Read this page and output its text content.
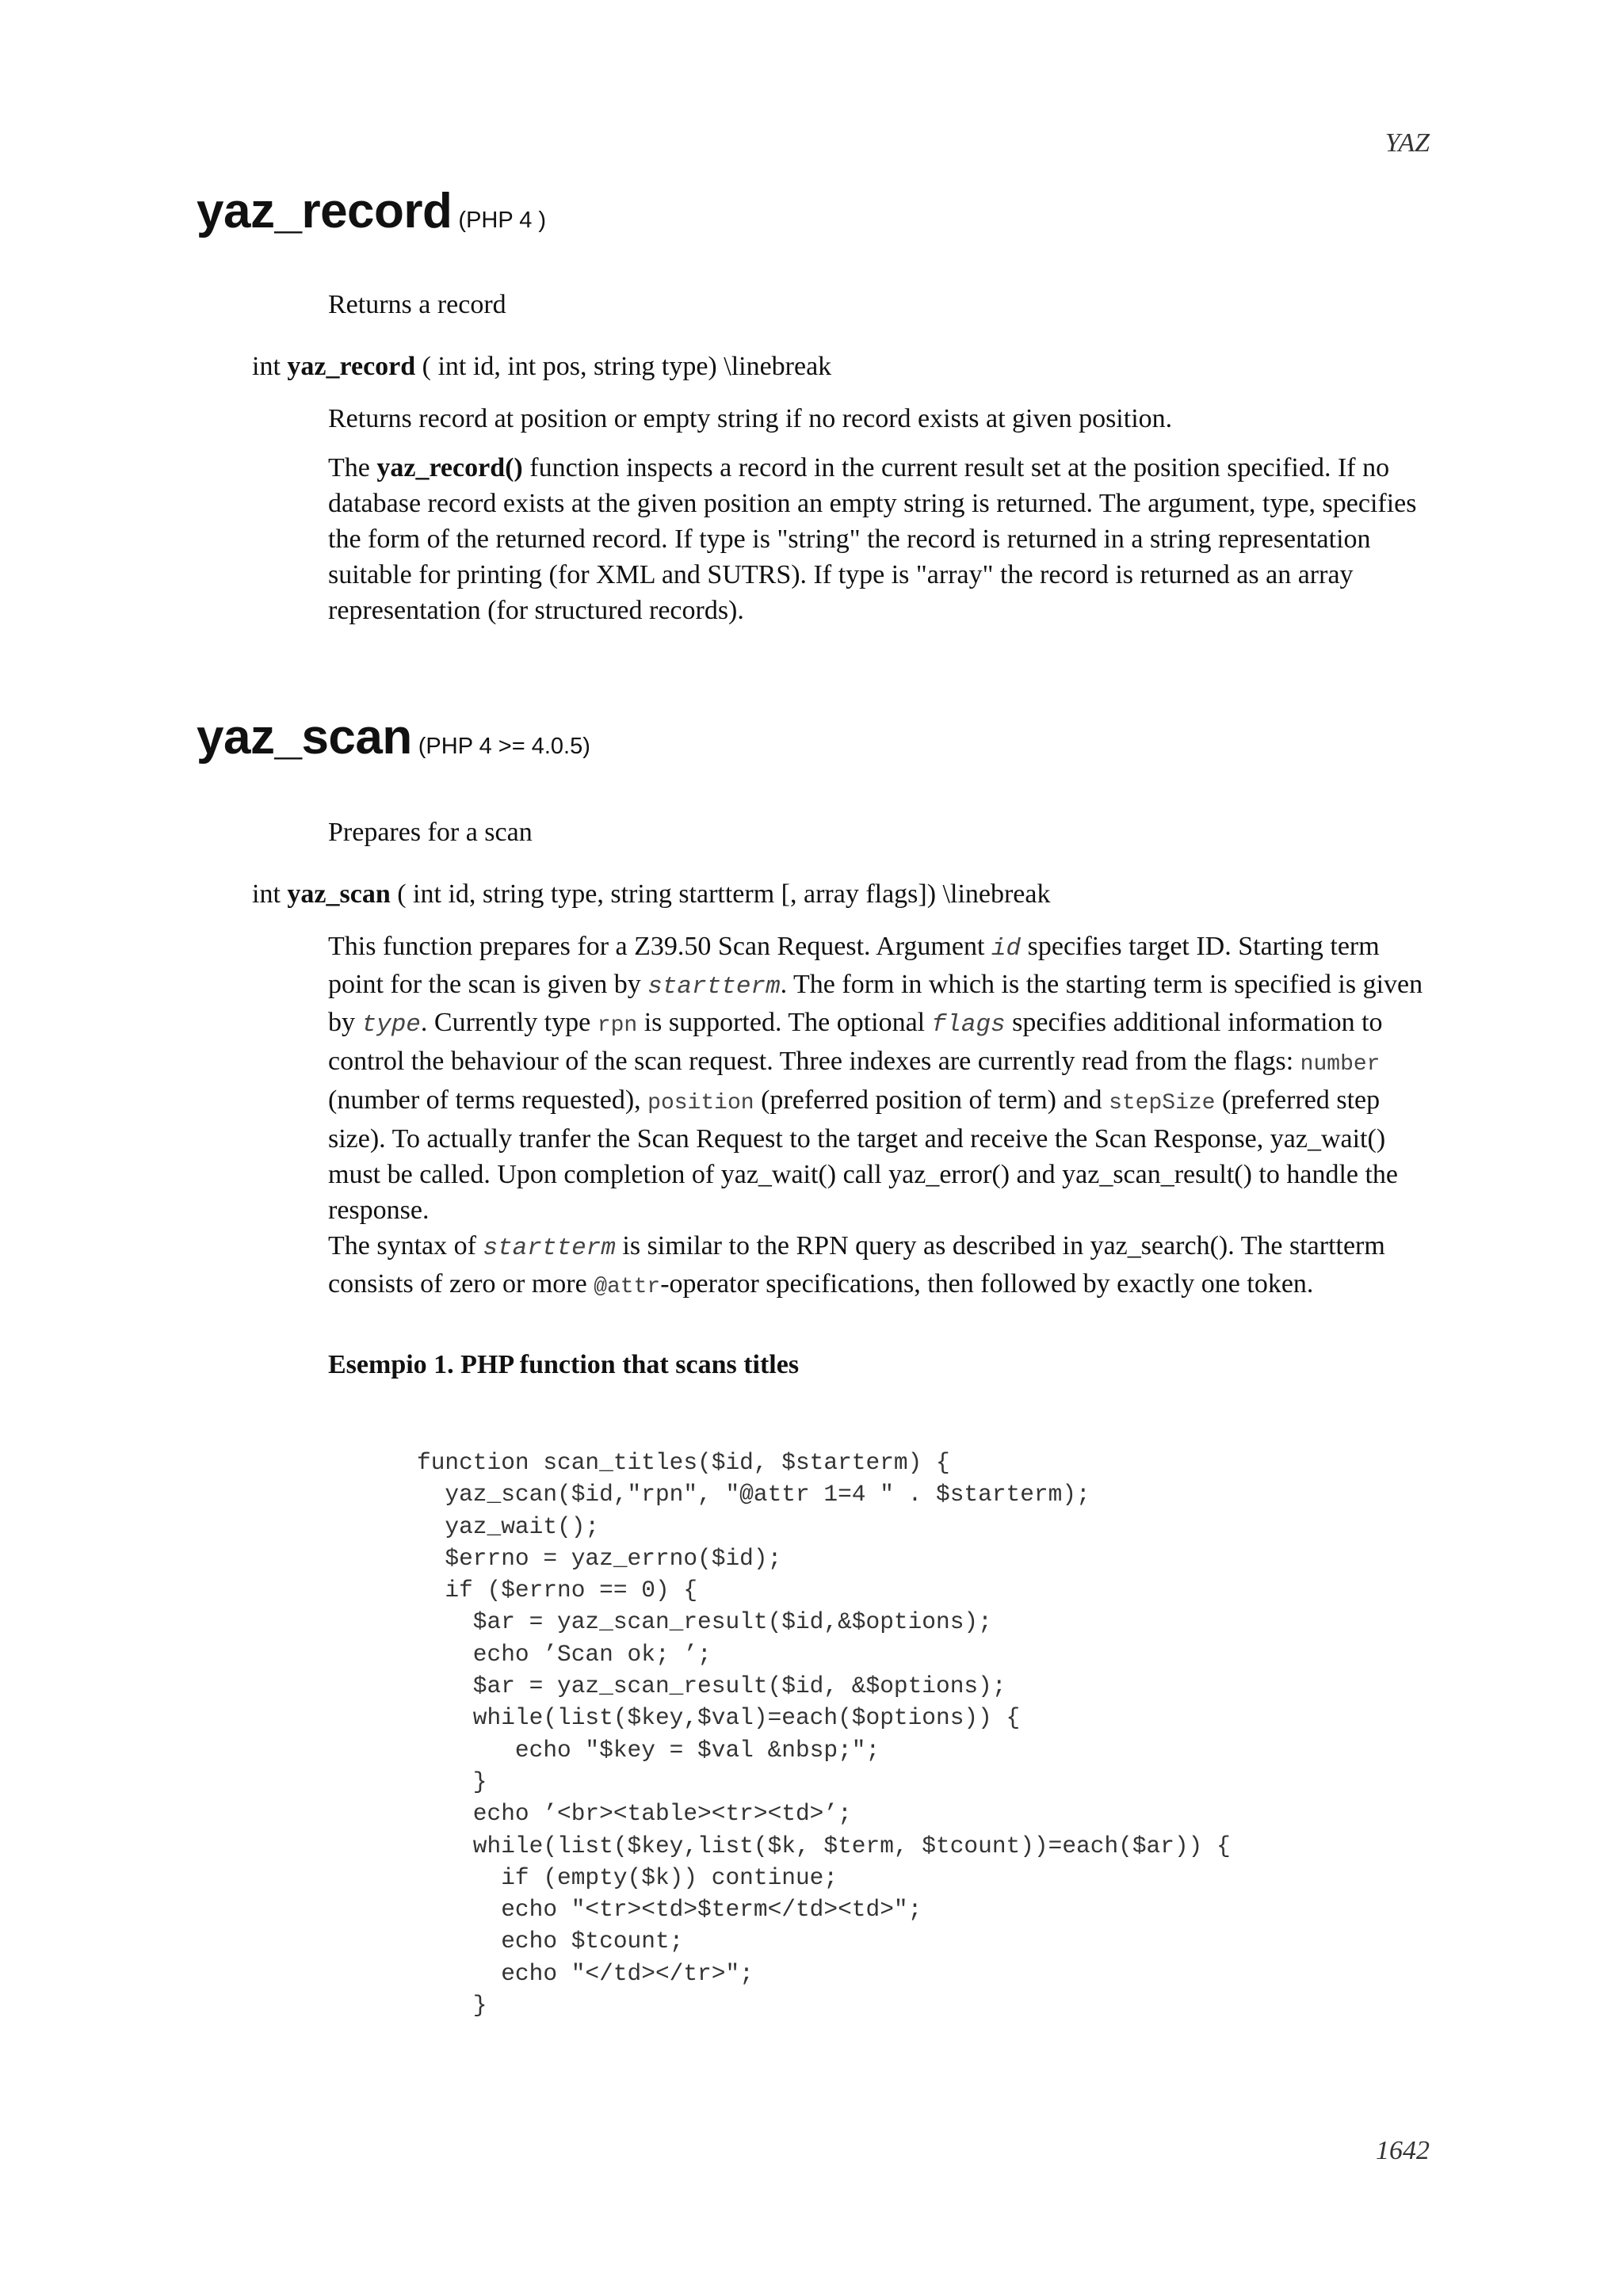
YAZ
yaz_record (PHP 4 )
Returns a record
int yaz_record ( int id, int pos, string type) \linebreak

Returns record at position or empty string if no record exists at given position.

The yaz_record() function inspects a record in the current result set at the position specified. If no database record exists at the given position an empty string is returned. The argument, type, specifies the form of the returned record. If type is "string" the record is returned in a string representation suitable for printing (for XML and SUTRS). If type is "array" the record is returned as an array representation (for structured records).

yaz_scan (PHP 4 >= 4.0.5)
Prepares for a scan
int yaz_scan ( int id, string type, string startterm [, array flags]) \linebreak

This function prepares for a Z39.50 Scan Request. Argument id specifies target ID. Starting term point for the scan is given by startterm. The form in which is the starting term is specified is given by type. Currently type rpn is supported. The optional flags specifies additional information to control the behaviour of the scan request. Three indexes are currently read from the flags: number (number of terms requested), position (preferred position of term) and stepSize (preferred step size). To actually tranfer the Scan Request to the target and receive the Scan Response, yaz_wait() must be called. Upon completion of yaz_wait() call yaz_error() and yaz_scan_result() to handle the response.

The syntax of startterm is similar to the RPN query as described in yaz_search(). The startterm consists of zero or more @attr-operator specifications, then followed by exactly one token.

Esempio 1. PHP function that scans titles
function scan_titles($id, $starterm) {
yaz_scan($id,"rpn", "@attr 1=4 " . $starterm);
yaz_wait();
$errno = yaz_errno($id);
if ($errno == 0) {
$ar = yaz_scan_result($id,&$options);
echo ’Scan ok; ’;
$ar = yaz_scan_result($id, &$options);
while(list($key,$val)=each($options)) {
echo "$key = $val &nbsp;";
}
echo ’<br><table><tr><td>’;
while(list($key,list($k, $term, $tcount))=each($ar)) {
if (empty($k)) continue;
echo "<tr><td>$term</td><td>";
echo $tcount;
echo "</td></tr>";
}
1642
